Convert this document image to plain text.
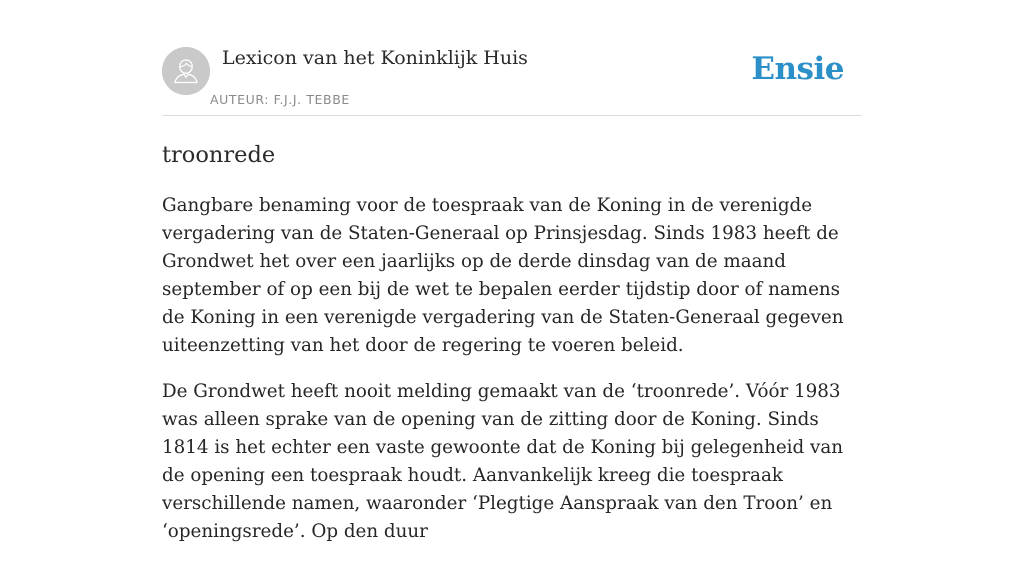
Lexicon van het Koninklijk Huis
AUTEUR: F.J.J. TEBBE
Ensie
troonrede

Gangbare benaming voor de toespraak van de Koning in de verenigde vergadering van de Staten-Generaal op Prinsjesdag. Sinds 1983 heeft de Grondwet het over een jaarlijks op de derde dinsdag van de maand september of op een bij de wet te bepalen eerder tijdstip door of namens de Koning in een verenigde vergadering van de Staten-Generaal gegeven uiteenzetting van het door de regering te voeren beleid.

De Grondwet heeft nooit melding gemaakt van de ‘troonrede’. Vóór 1983 was alleen sprake van de opening van de zitting door de Koning. Sinds 1814 is het echter een vaste gewoonte dat de Koning bij gelegenheid van de opening een toespraak houdt. Aanvankelijk kreeg die toespraak verschillende namen, waaronder ‘Plegtige Aanspraak van den Troon’ en ‘openingsrede’. Op den duur
